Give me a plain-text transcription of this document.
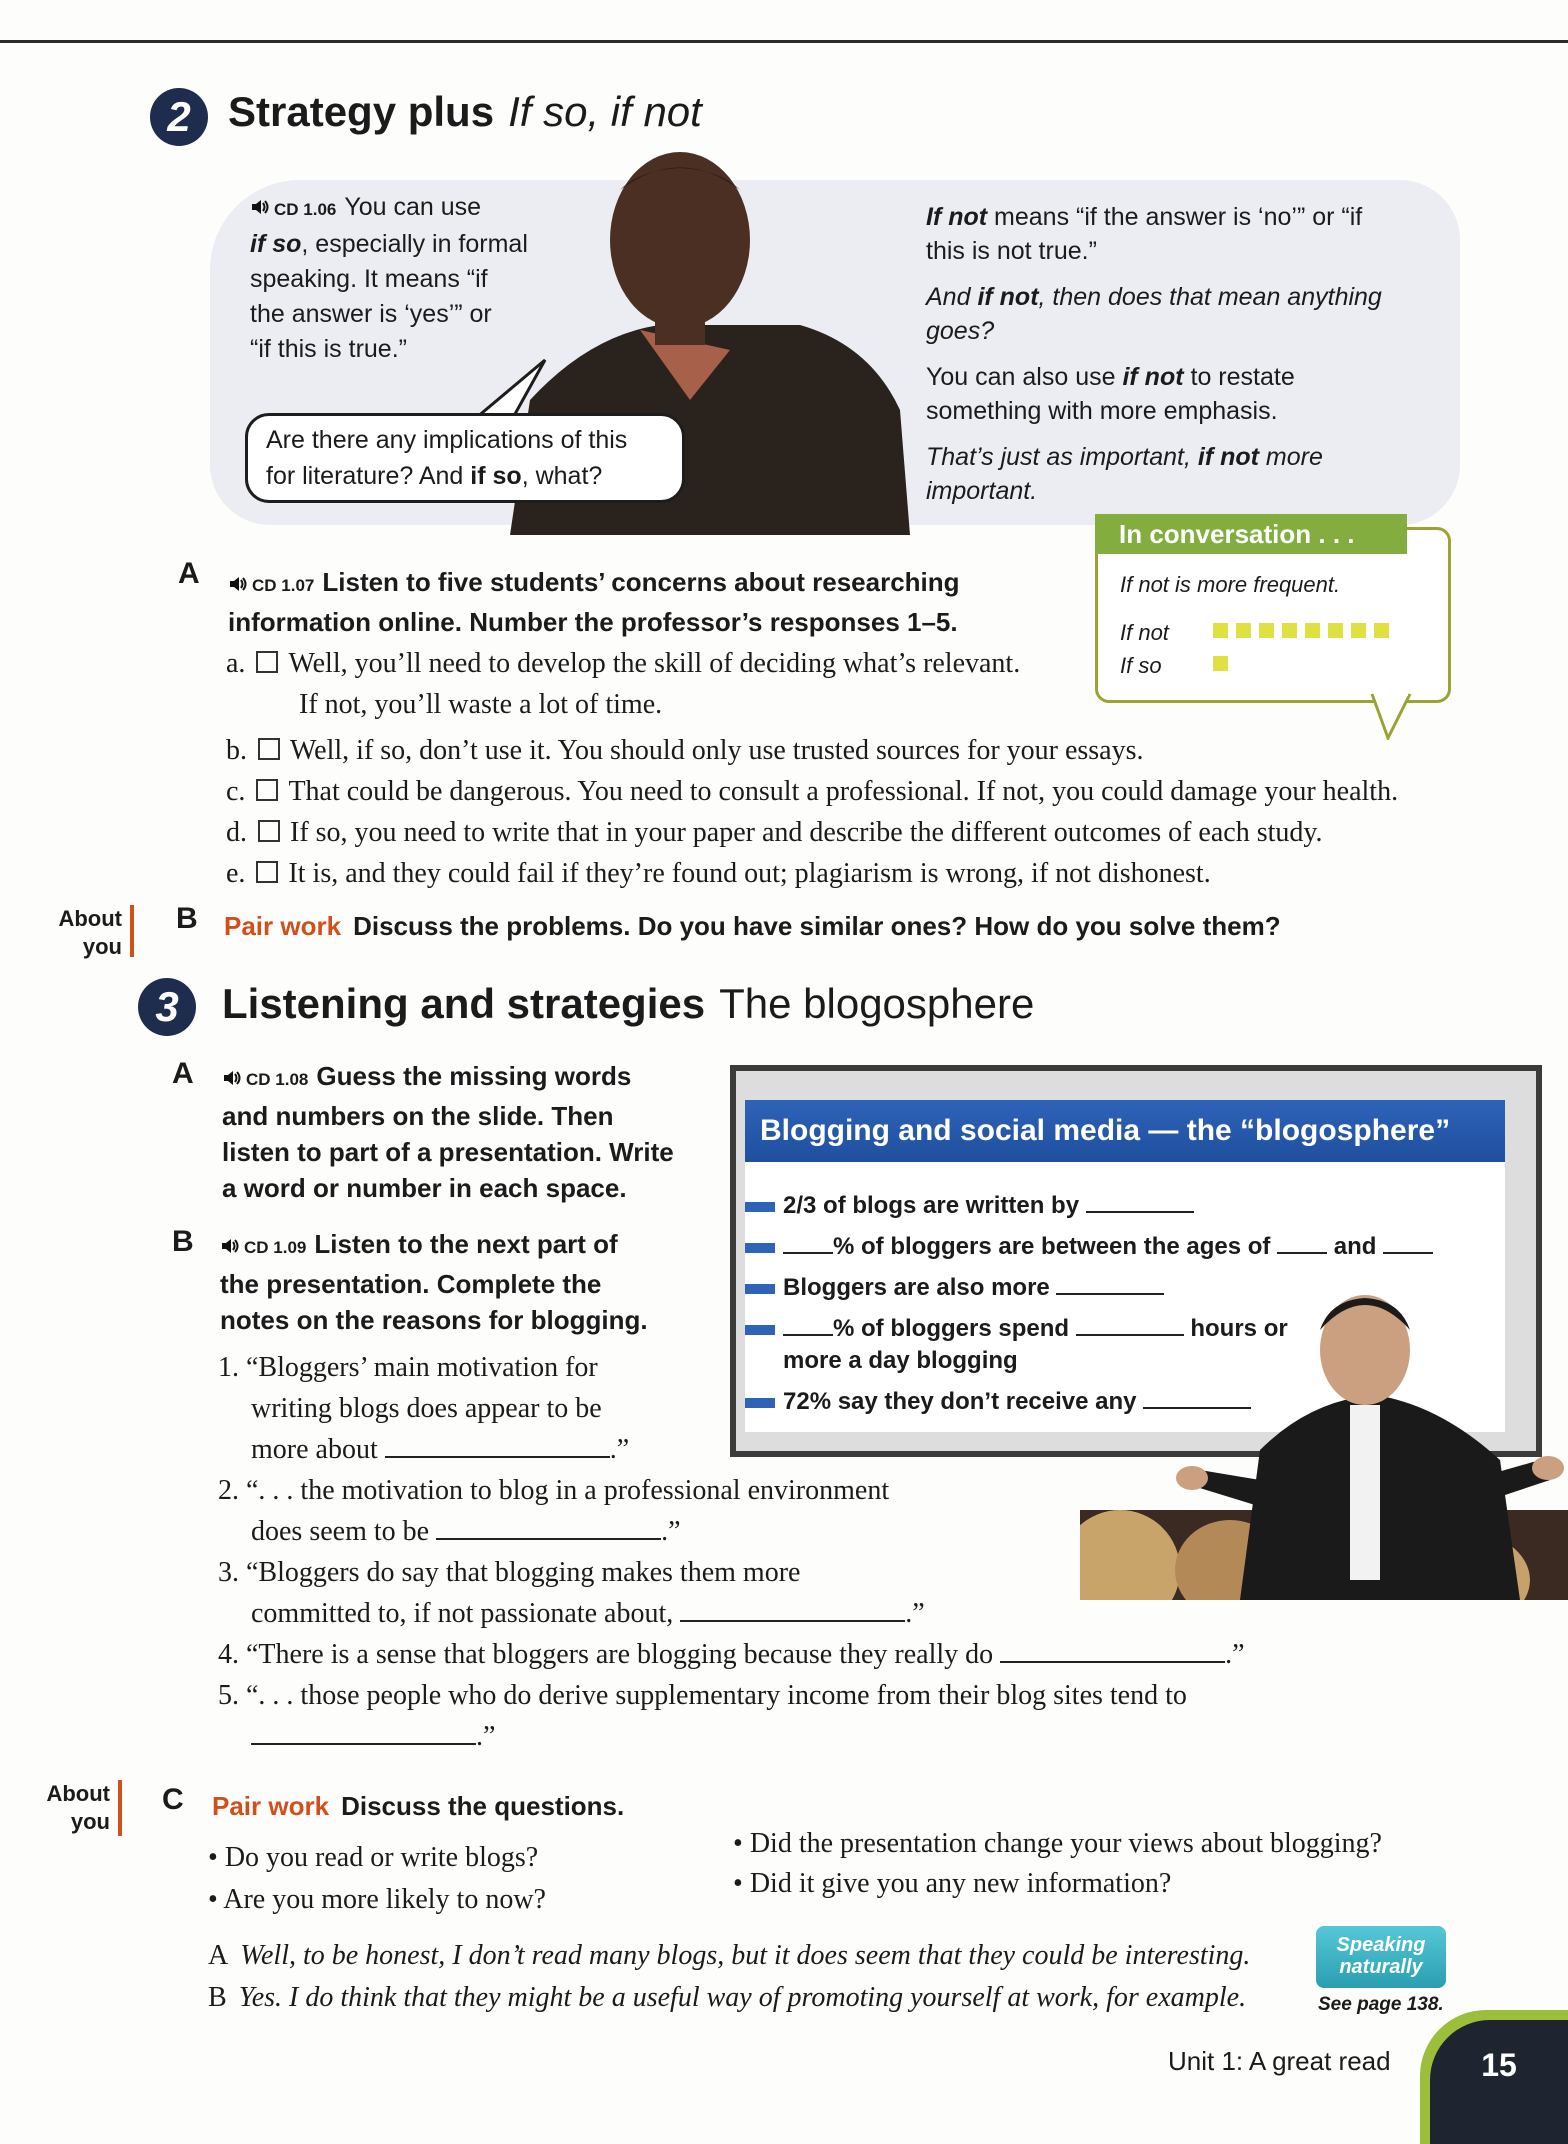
2 Strategy plus If so, if not
CD 1.06 You can use
if so, especially in formal
speaking. It means “if
the answer is ‘yes’” or
“if this is true.”
Are there any implications of this
for literature? And if so, what?
If not means “if the answer is ‘no’” or “if
this is not true.”
And if not, then does that mean anything
goes?
You can also use if not to restate
something with more emphasis.
That’s just as important, if not more
important.
If not is more frequent.
If not
If so
In conversation . . .
A	CD 1.07 Listen to five students’ concerns about researching
information online. Number the professor’s responses 1–5.
a. Well, you’ll need to develop the skill of deciding what’s relevant.
If not, you’ll waste a lot of time.
b. Well, if so, don’t use it. You should only use trusted sources for your essays.
c. That could be dangerous. You need to consult a professional. If not, you could damage your health.
d. If so, you need to write that in your paper and describe the different outcomes of each study.
e. It is, and they could fail if they’re found out; plagiarism is wrong, if not dishonest.
About
you
B Pair work Discuss the problems. Do you have similar ones? How do you solve them?
3	Listening and strategies The blogosphere
A	CD 1.08 Guess the missing words
and numbers on the slide. Then
listen to part of a presentation. Write
a word or number in each space.
B	CD 1.09 Listen to the next part of
the presentation. Complete the
notes on the reasons for blogging.
Blogging and social media — the “blogosphere”
2/3 of blogs are written by
% of bloggers are between the ages of	and
Bloggers are also more
% of bloggers spend	hours or
more a day blogging
72% say they don’t receive any
1. “Bloggers’ main motivation for
writing blogs does appear to be
more about	.”
2. “. . . the motivation to blog in a professional environment
does seem to be	.”
3. “Bloggers do say that blogging makes them more
committed to, if not passionate about,	.”
4. “There is a sense that bloggers are blogging because they really do	.”
5. “. . . those people who do derive supplementary income from their blog sites tend to
.”
About
you
C Pair work Discuss the questions.
• Do you read or write blogs?
• Are you more likely to now?
• Did the presentation change your views about blogging?
• Did it give you any new information?
A Well, to be honest, I don’t read many blogs, but it does seem that they could be interesting.
B Yes. I do think that they might be a useful way of promoting yourself at work, for example.
Speaking
naturally
See page 138.
Unit 1: A great read	15
